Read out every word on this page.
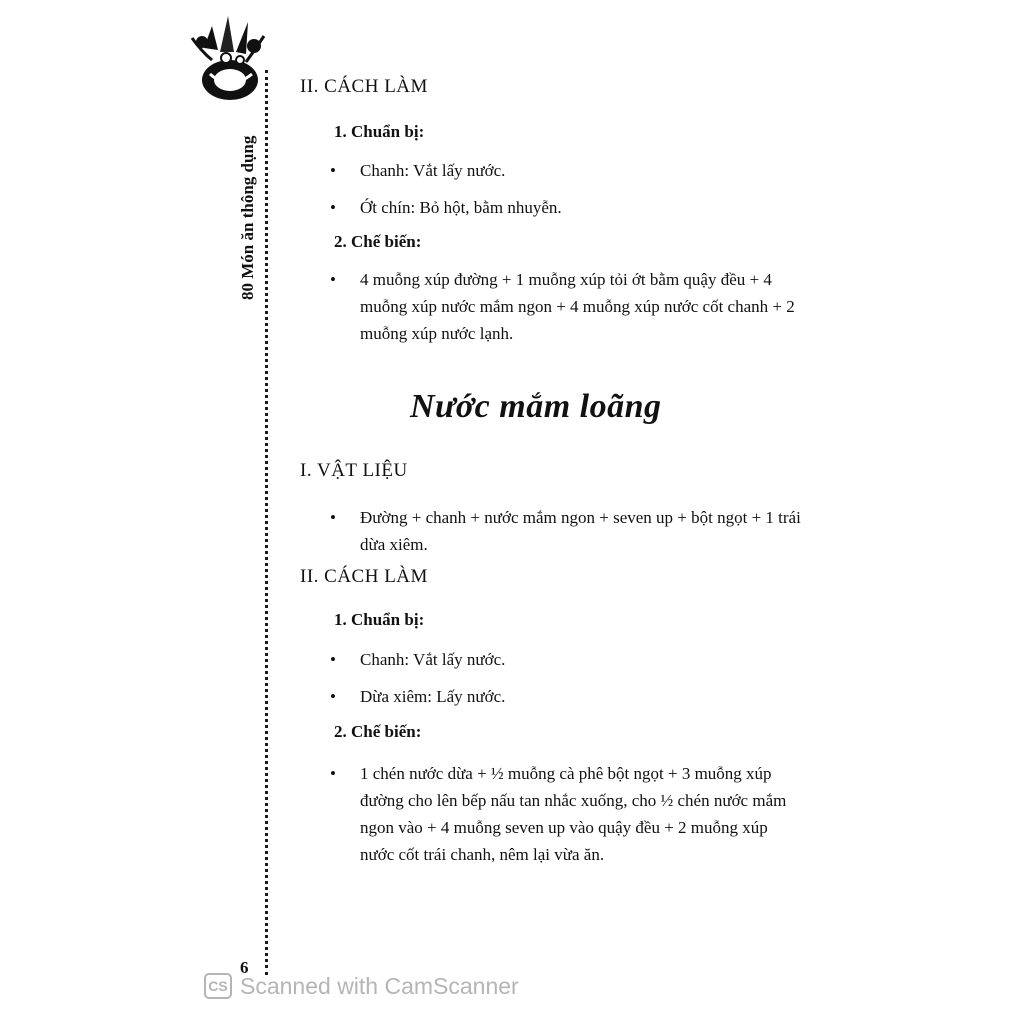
80 Món ăn thông dụng
6
II. CÁCH LÀM
1. Chuẩn bị:
• Chanh: Vắt lấy nước.
• Ớt chín: Bỏ hột, bằm nhuyễn.
2. Chế biến:
• 4 muỗng xúp đường + 1 muỗng xúp tỏi ớt bằm quậy đều + 4 muỗng xúp nước mắm ngon + 4 muỗng xúp nước cốt chanh + 2 muỗng xúp nước lạnh.
I. VẬT LIỆU
• Đường + chanh + nước mắm ngon + seven up + bột ngọt + 1 trái dừa xiêm.
II. CÁCH LÀM
1. Chuẩn bị:
• Chanh: Vắt lấy nước.
• Dừa xiêm: Lấy nước.
2. Chế biến:
• 1 chén nước dừa + ½ muỗng cà phê bột ngọt + 3 muỗng xúp đường cho lên bếp nấu tan nhắc xuống, cho ½ chén nước mắm ngon vào + 4 muỗng seven up vào quậy đều + 2 muỗng xúp nước cốt trái chanh, nêm lại vừa ăn.
Nước mắm loãng
CS Scanned with CamScanner
